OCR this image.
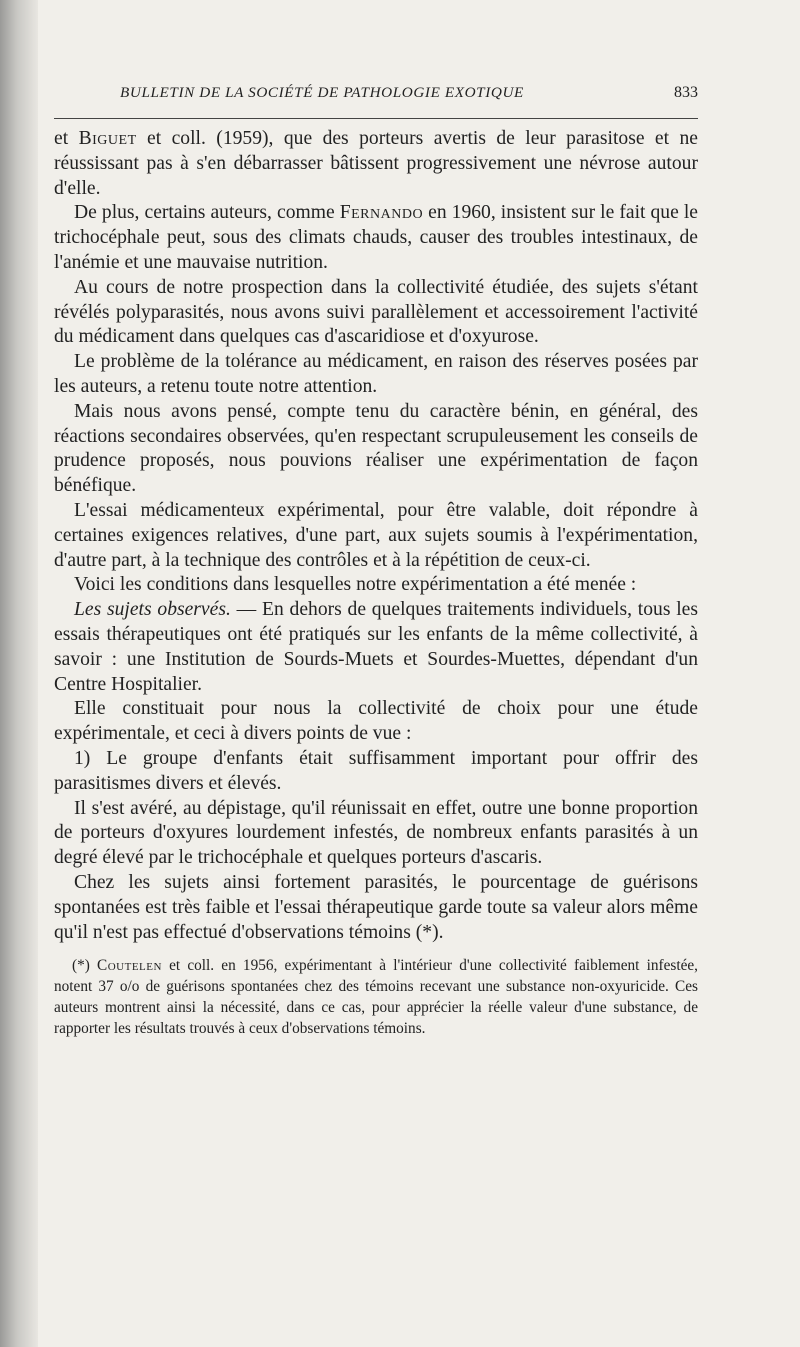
BULLETIN DE LA SOCIÉTÉ DE PATHOLOGIE EXOTIQUE	833

et Biguet et coll. (1959), que des porteurs avertis de leur parasitose et ne réussissant pas à s'en débarrasser bâtissent progressivement une névrose autour d'elle.

De plus, certains auteurs, comme Fernando en 1960, insistent sur le fait que le trichocéphale peut, sous des climats chauds, causer des troubles intestinaux, de l'anémie et une mauvaise nutrition.

Au cours de notre prospection dans la collectivité étudiée, des sujets s'étant révélés polyparasités, nous avons suivi parallèlement et accessoirement l'activité du médicament dans quelques cas d'ascaridiose et d'oxyurose.

Le problème de la tolérance au médicament, en raison des réserves posées par les auteurs, a retenu toute notre attention.

Mais nous avons pensé, compte tenu du caractère bénin, en général, des réactions secondaires observées, qu'en respectant scrupuleusement les conseils de prudence proposés, nous pouvions réaliser une expérimentation de façon bénéfique.

L'essai médicamenteux expérimental, pour être valable, doit répondre à certaines exigences relatives, d'une part, aux sujets soumis à l'expérimentation, d'autre part, à la technique des contrôles et à la répétition de ceux-ci.

Voici les conditions dans lesquelles notre expérimentation a été menée :

Les sujets observés. — En dehors de quelques traitements individuels, tous les essais thérapeutiques ont été pratiqués sur les enfants de la même collectivité, à savoir : une Institution de Sourds-Muets et Sourdes-Muettes, dépendant d'un Centre Hospitalier.

Elle constituait pour nous la collectivité de choix pour une étude expérimentale, et ceci à divers points de vue :

1) Le groupe d'enfants était suffisamment important pour offrir des parasitismes divers et élevés.

Il s'est avéré, au dépistage, qu'il réunissait en effet, outre une bonne proportion de porteurs d'oxyures lourdement infestés, de nombreux enfants parasités à un degré élevé par le trichocéphale et quelques porteurs d'ascaris.

Chez les sujets ainsi fortement parasités, le pourcentage de guérisons spontanées est très faible et l'essai thérapeutique garde toute sa valeur alors même qu'il n'est pas effectué d'observations témoins (*).

(*) Coutelen et coll. en 1956, expérimentant à l'intérieur d'une collectivité faiblement infestée, notent 37 o/o de guérisons spontanées chez des témoins recevant une substance non-oxyuricide. Ces auteurs montrent ainsi la nécessité, dans ce cas, pour apprécier la réelle valeur d'une substance, de rapporter les résultats trouvés à ceux d'observations témoins.
